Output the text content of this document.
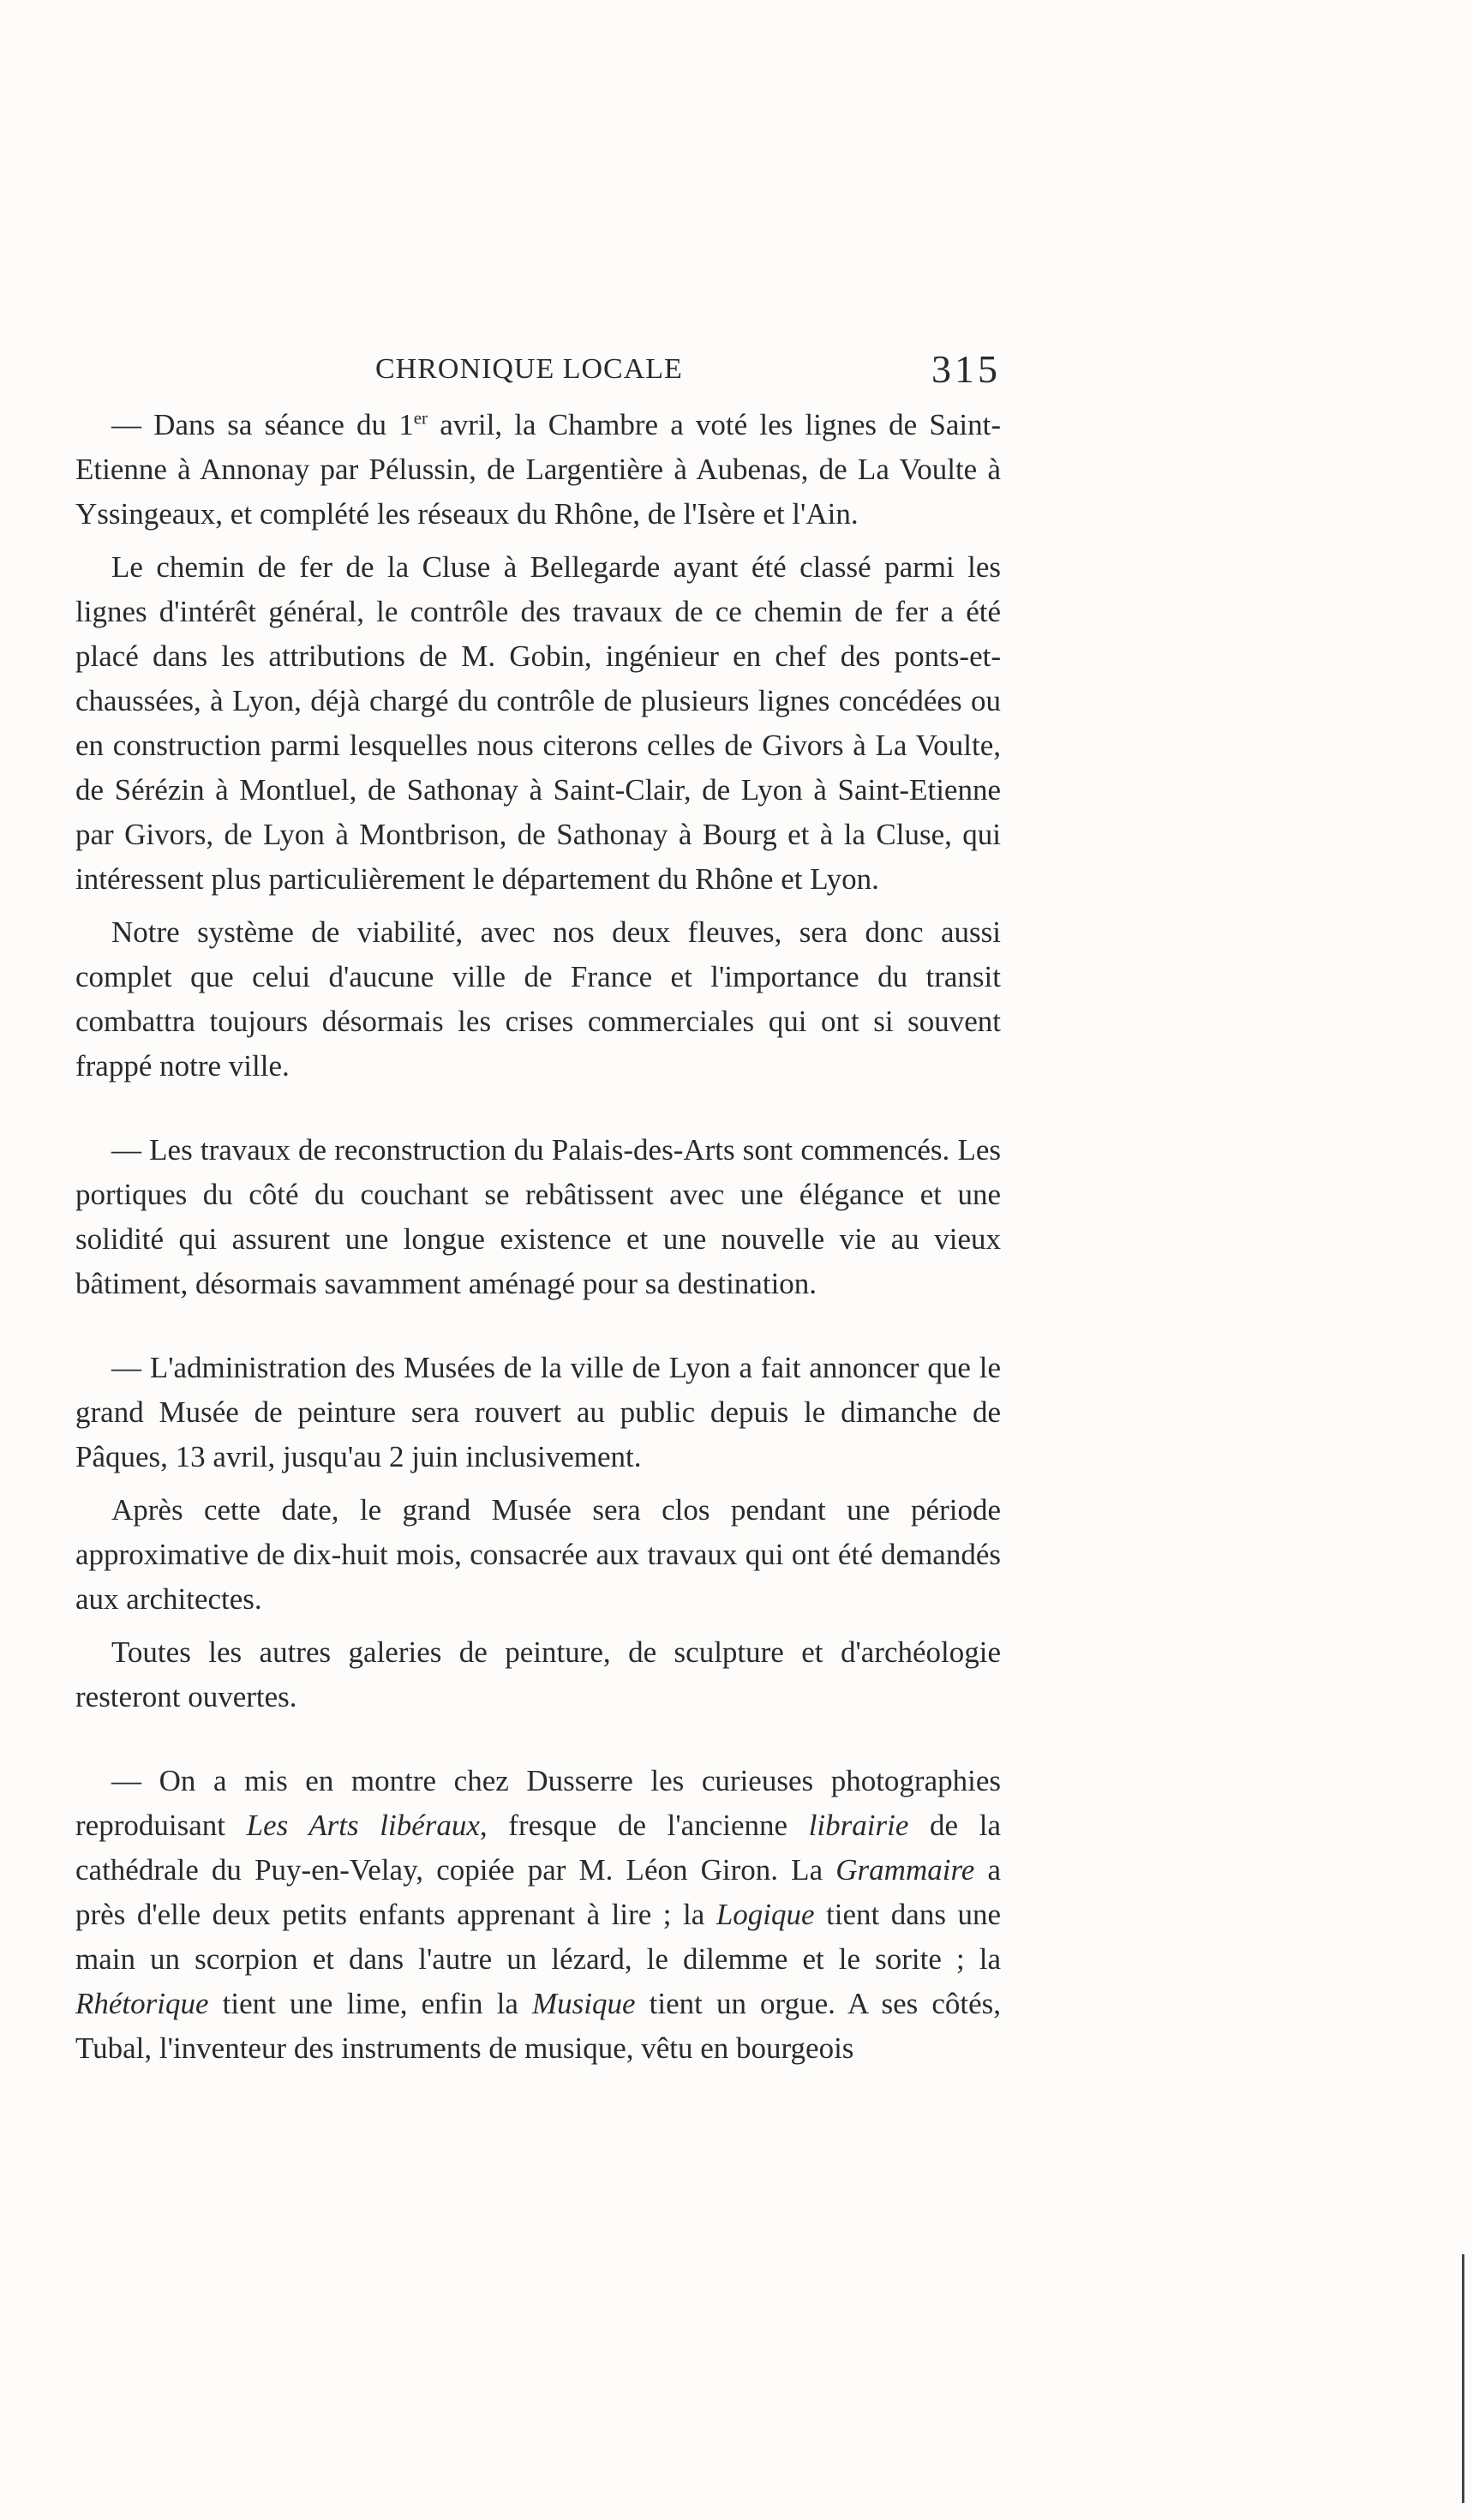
CHRONIQUE LOCALE	315

— Dans sa séance du 1er avril, la Chambre a voté les lignes de Saint-Etienne à Annonay par Pélussin, de Largentière à Aubenas, de La Voulte à Yssingeaux, et complété les réseaux du Rhône, de l'Isère et l'Ain.

Le chemin de fer de la Cluse à Bellegarde ayant été classé parmi les lignes d'intérêt général, le contrôle des travaux de ce chemin de fer a été placé dans les attributions de M. Gobin, ingénieur en chef des ponts-et-chaussées, à Lyon, déjà chargé du contrôle de plusieurs lignes concédées ou en construction parmi lesquelles nous citerons celles de Givors à La Voulte, de Sérézin à Montluel, de Sathonay à Saint-Clair, de Lyon à Saint-Etienne par Givors, de Lyon à Montbrison, de Sathonay à Bourg et à la Cluse, qui intéressent plus particulièrement le département du Rhône et Lyon.

Notre système de viabilité, avec nos deux fleuves, sera donc aussi complet que celui d'aucune ville de France et l'importance du transit combattra toujours désormais les crises commerciales qui ont si souvent frappé notre ville.

— Les travaux de reconstruction du Palais-des-Arts sont commencés. Les portiques du côté du couchant se rebâtissent avec une élégance et une solidité qui assurent une longue existence et une nouvelle vie au vieux bâtiment, désormais savamment aménagé pour sa destination.

— L'administration des Musées de la ville de Lyon a fait annoncer que le grand Musée de peinture sera rouvert au public depuis le dimanche de Pâques, 13 avril, jusqu'au 2 juin inclusivement.

Après cette date, le grand Musée sera clos pendant une période approximative de dix-huit mois, consacrée aux travaux qui ont été demandés aux architectes.

Toutes les autres galeries de peinture, de sculpture et d'archéologie resteront ouvertes.

— On a mis en montre chez Dusserre les curieuses photographies reproduisant Les Arts libéraux, fresque de l'ancienne librairie de la cathédrale du Puy-en-Velay, copiée par M. Léon Giron. La Grammaire a près d'elle deux petits enfants apprenant à lire ; la Logique tient dans une main un scorpion et dans l'autre un lézard, le dilemme et le sorite ; la Rhétorique tient une lime, enfin la Musique tient un orgue. A ses côtés, Tubal, l'inventeur des instruments de musique, vêtu en bourgeois
